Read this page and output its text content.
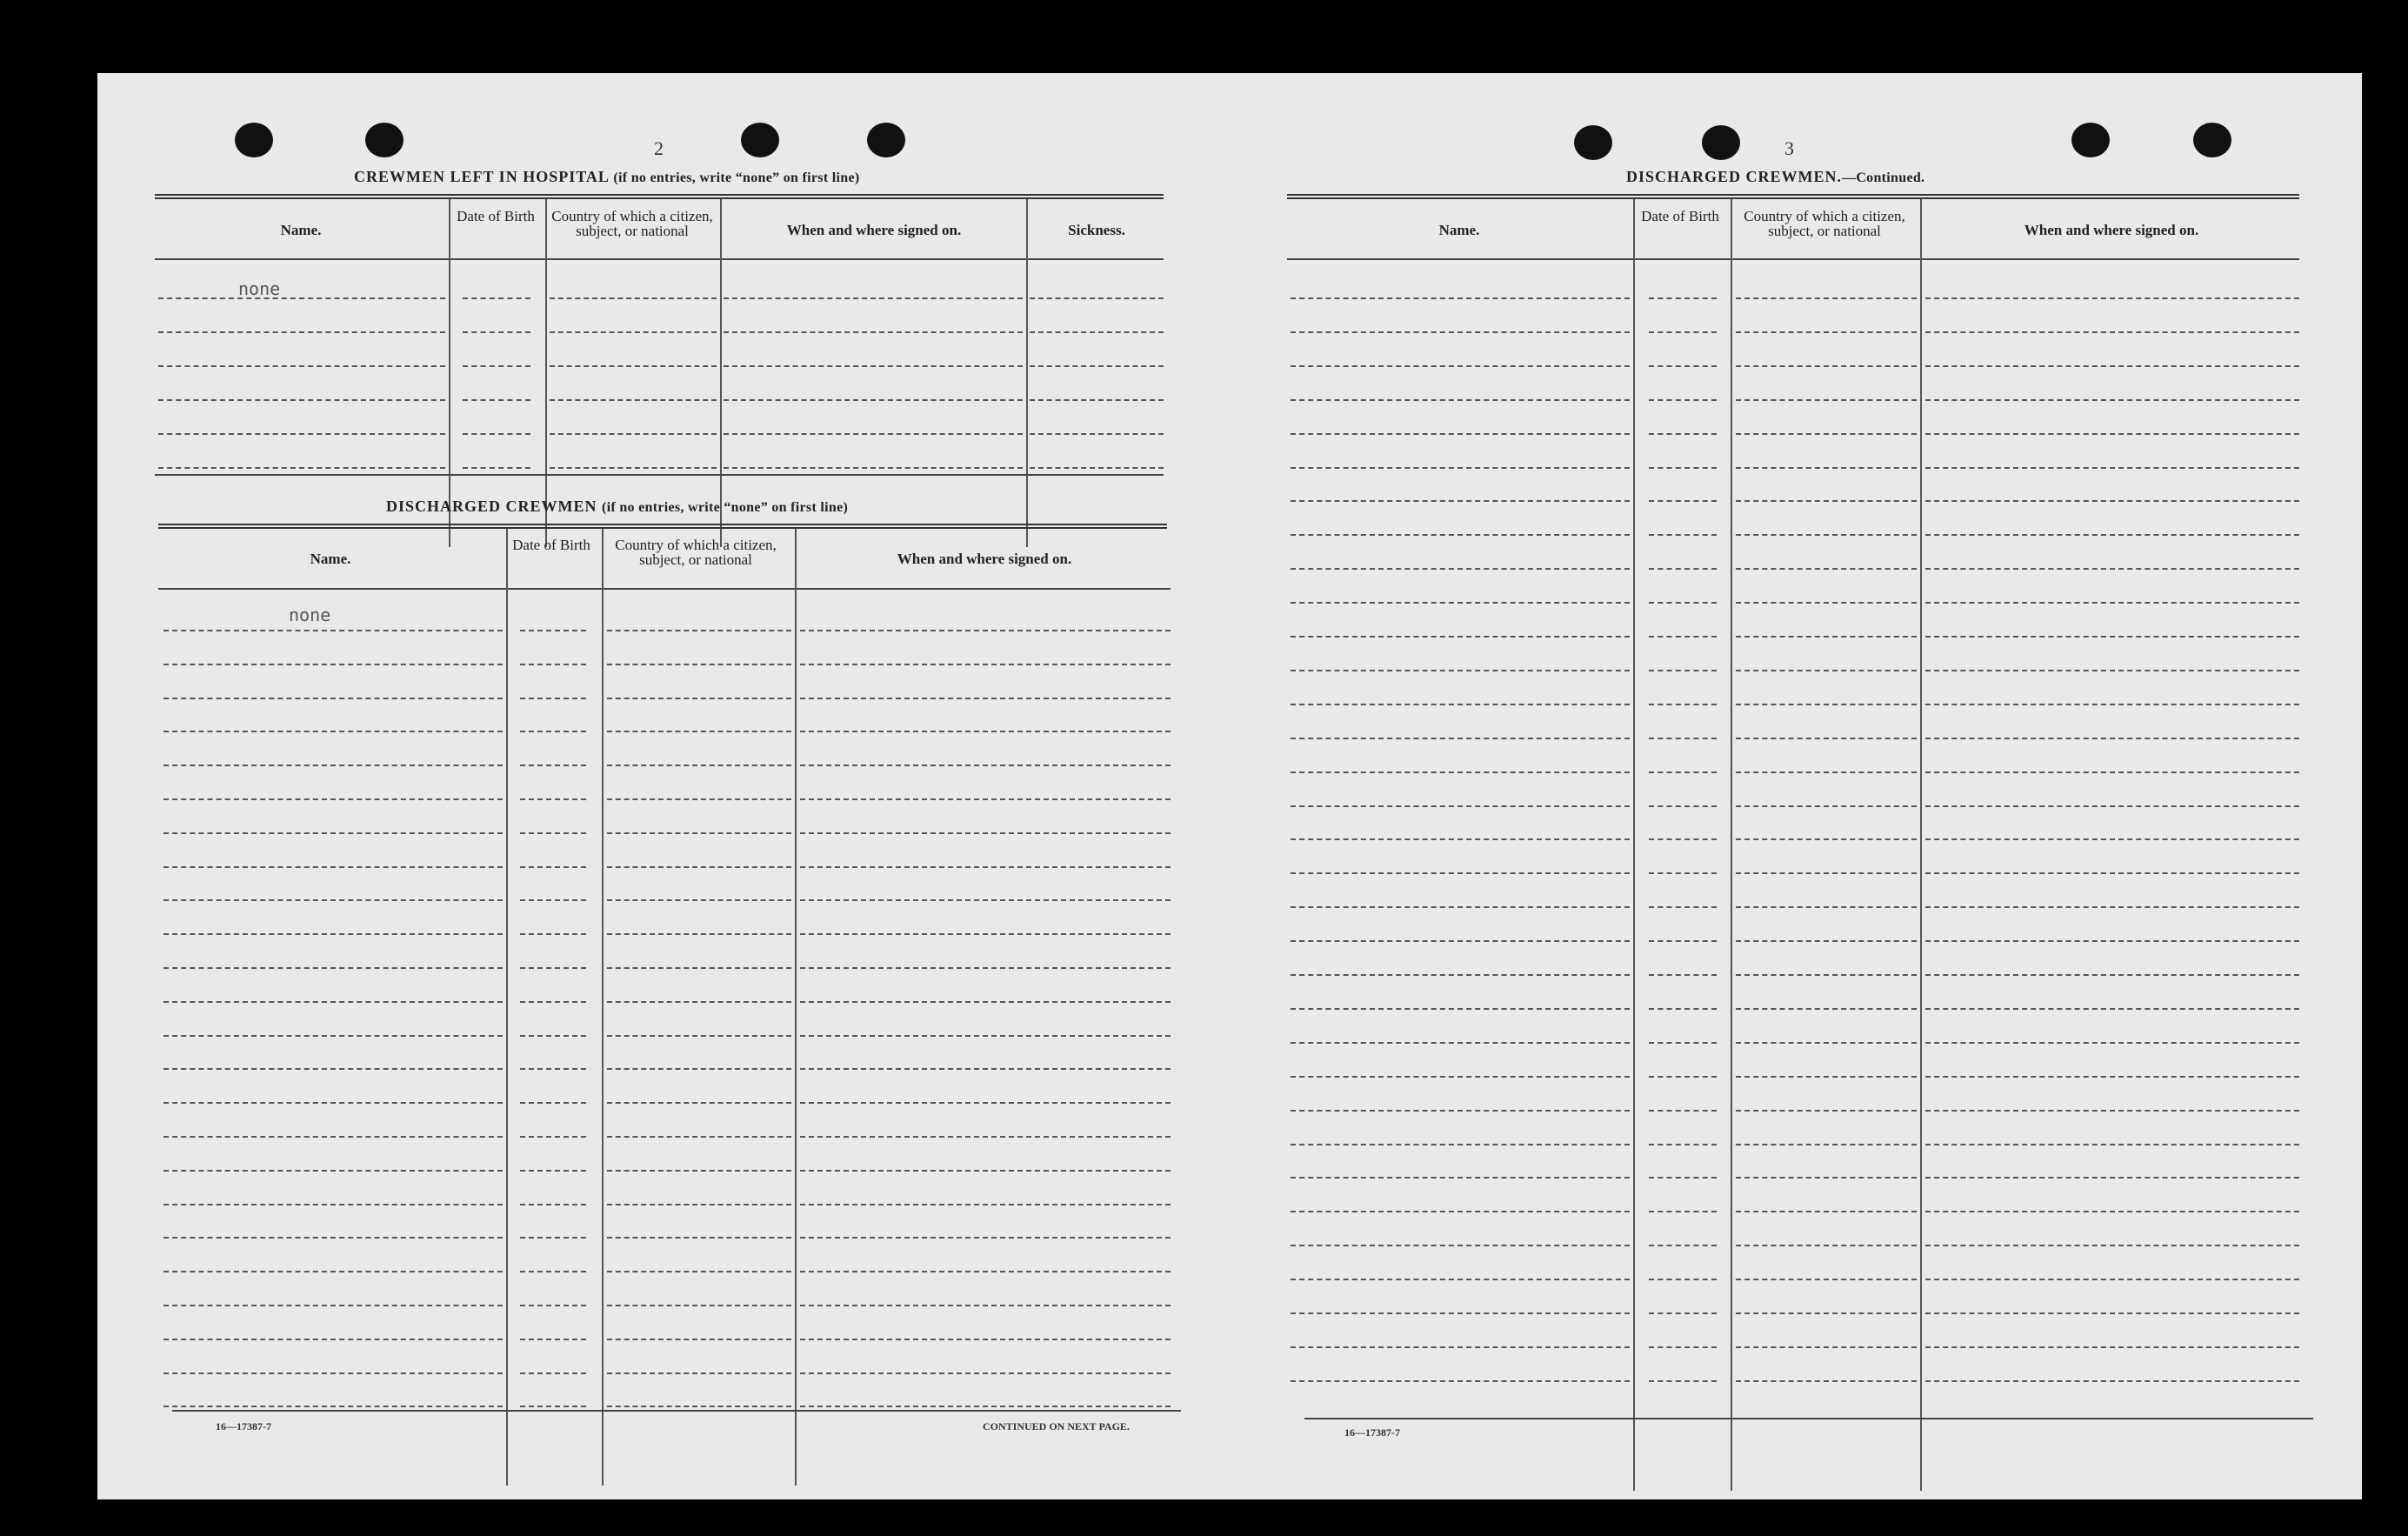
2
CREWMEN LEFT IN HOSPITAL (if no entries, write “none” on first line)
Name.
Date of Birth	Country of which a citizen, subject, or national	When and where signed on.	Sickness.
none
DISCHARGED CREWMEN (if no entries, write “none” on first line)
Name.
Date of Birth	Country of which a citizen, subject, or national	When and where signed on.
none
16—17387-7	CONTINUED ON NEXT PAGE.
3
DISCHARGED CREWMEN.—Continued.
Name.
Date of Birth	Country of which a citizen, subject, or national	When and where signed on.
16—17387-7
